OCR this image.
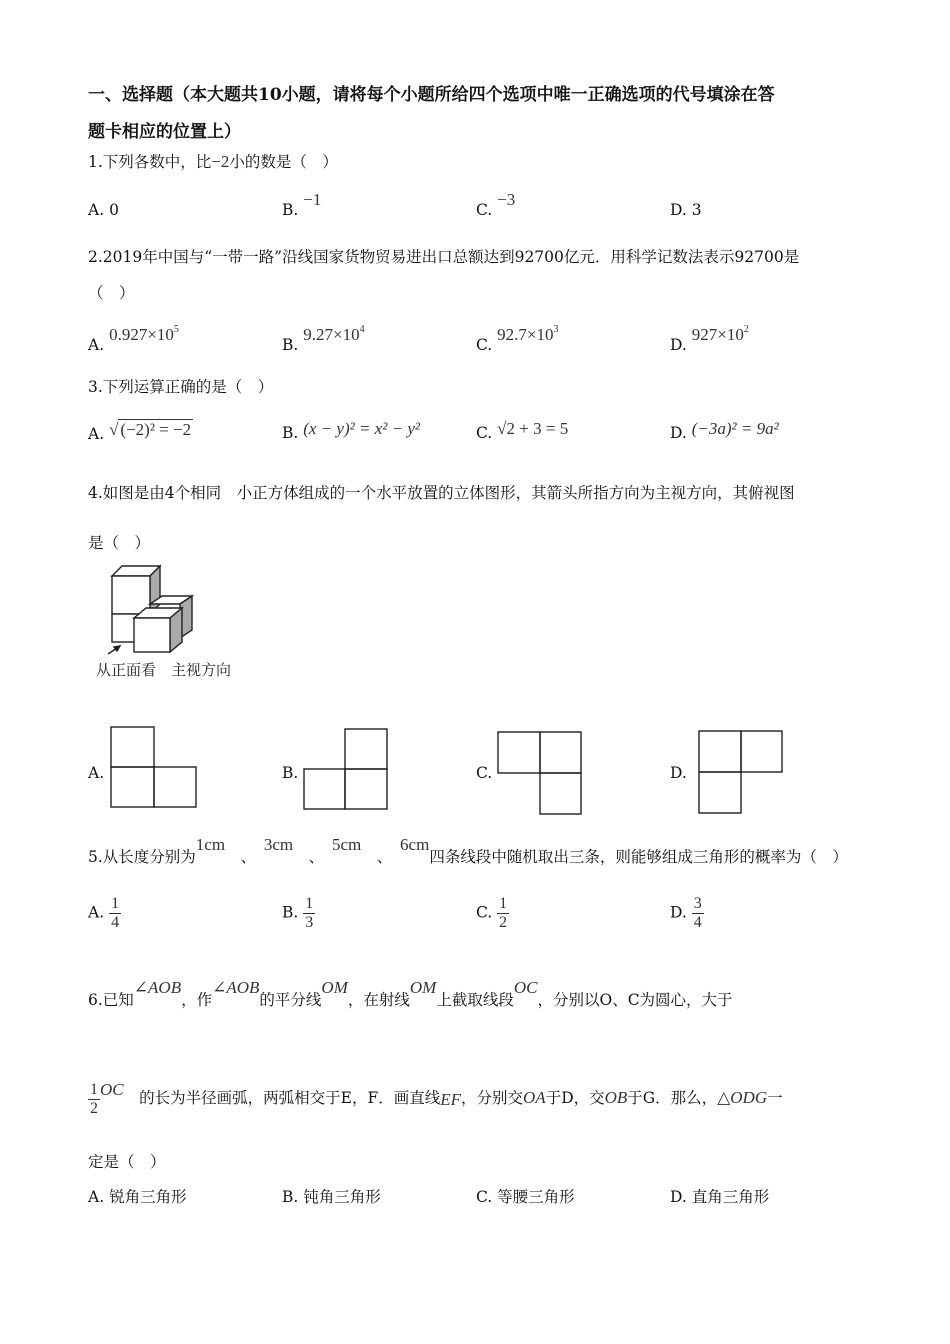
一、选择题（本大题共10小题，请将每个小题所给四个选项中唯一正确选项的代号填涂在答
题卡相应的位置上）
1.下列各数中，比−2小的数是（　）
A. 0	B. −1
C. −3
D. 3
2.2019年中国与“一带一路”沿线国家货物贸易进出口总额达到92700亿元．用科学记数法表示92700是
（　）
A. $0.927\times 10^5$
B. $9.27\times 10^4$
C. $92.7\times 10^3$
D. $927\times 10^2$
3.下列运算正确的是（　）
A. √ (−2)² = −2	B. (x − y)² = x² − y²	C. √2 + 3 = 5	D. (−3a)² = 9a²
4.如图是由4个相同　小正方体组成的一个水平放置的立体图形，其箭头所指方向为主视方向，其俯视图
是（　）
从正面看　主视方向
A.	B.	C.	D.
5.从长度分别为1cm　、　3cm　、　5cm　、　6cm四条线段中随机取出三条，则能够组成三角形的概率为（　）
A. $\frac{1}{4}$	B. $\frac{1}{3}$	C. $\frac{1}{2}$	D. $\frac{3}{4}$
6.已知∠AOB，作∠AOB的平分线OM，在射线OM上截取线段OC，分别以O、C为圆心，大于
$\frac{1}{2}$ OC　 的长为半径画弧，两弧相交于E，F．画直线EF，分别交OA于D，交OB于G．那么，△ODG一
定是（　）
A. 锐角三角形	B. 钝角三角形	C. 等腰三角形	D. 直角三角形
